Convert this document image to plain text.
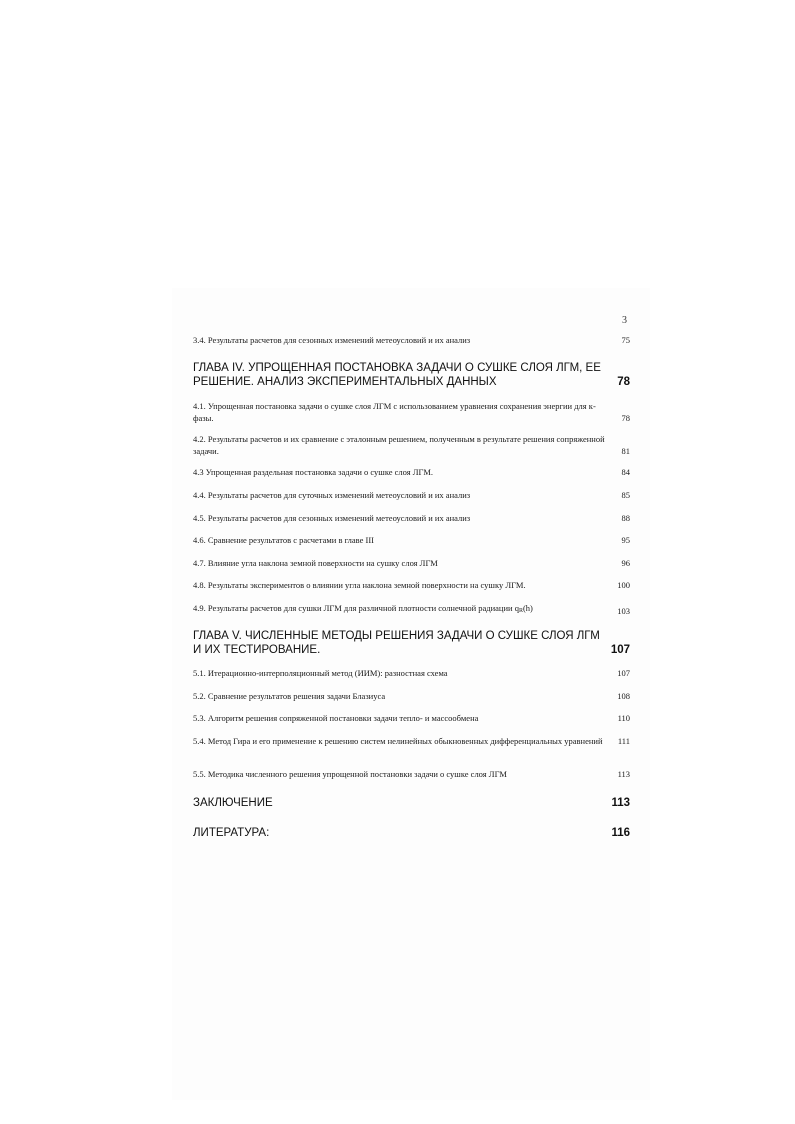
3
3.4. Результаты расчетов для сезонных изменений метеоусловий и их анализ	75
ГЛАВА IV. УПРОЩЕННАЯ ПОСТАНОВКА ЗАДАЧИ О СУШКЕ СЛОЯ ЛГМ, ЕЕ РЕШЕНИЕ. АНАЛИЗ ЭКСПЕРИМЕНТАЛЬНЫХ ДАННЫХ	78
4.1. Упрощенная постановка задачи о сушке слоя ЛГМ с использованием уравнения сохранения энергии для к-фазы.	78
4.2. Результаты расчетов и их сравнение с эталонным решением, полученным в результате решения сопряженной задачи.	81
4.3 Упрощенная раздельная постановка задачи о сушке слоя ЛГМ.	84
4.4. Результаты расчетов для суточных изменений метеоусловий и их анализ	85
4.5. Результаты расчетов для сезонных изменений метеоусловий и их анализ	88
4.6. Сравнение результатов с расчетами в главе III	95
4.7. Влияние угла наклона земной поверхности на сушку слоя ЛГМ	96
4.8. Результаты экспериментов о влиянии угла наклона земной поверхности на сушку ЛГМ.	100
4.9. Результаты расчетов для сушки ЛГМ для различной плотности солнечной радиации $q_R(h)$	103
ГЛАВА V. ЧИСЛЕННЫЕ МЕТОДЫ РЕШЕНИЯ ЗАДАЧИ О СУШКЕ СЛОЯ ЛГМ И ИХ ТЕСТИРОВАНИЕ.	107
5.1. Итерационно-интерполяционный метод (ИИМ): разностная схема	107
5.2. Сравнение результатов решения задачи Блазиуса	108
5.3. Алгоритм решения сопряженной постановки задачи тепло- и массообмена	110
5.4. Метод Гира и его применение к решению систем нелинейных обыкновенных дифференциальных уравнений	111
5.5. Методика численного решения упрощенной постановки задачи о сушке слоя ЛГМ	113
ЗАКЛЮЧЕНИЕ	113
ЛИТЕРАТУРА:	116
